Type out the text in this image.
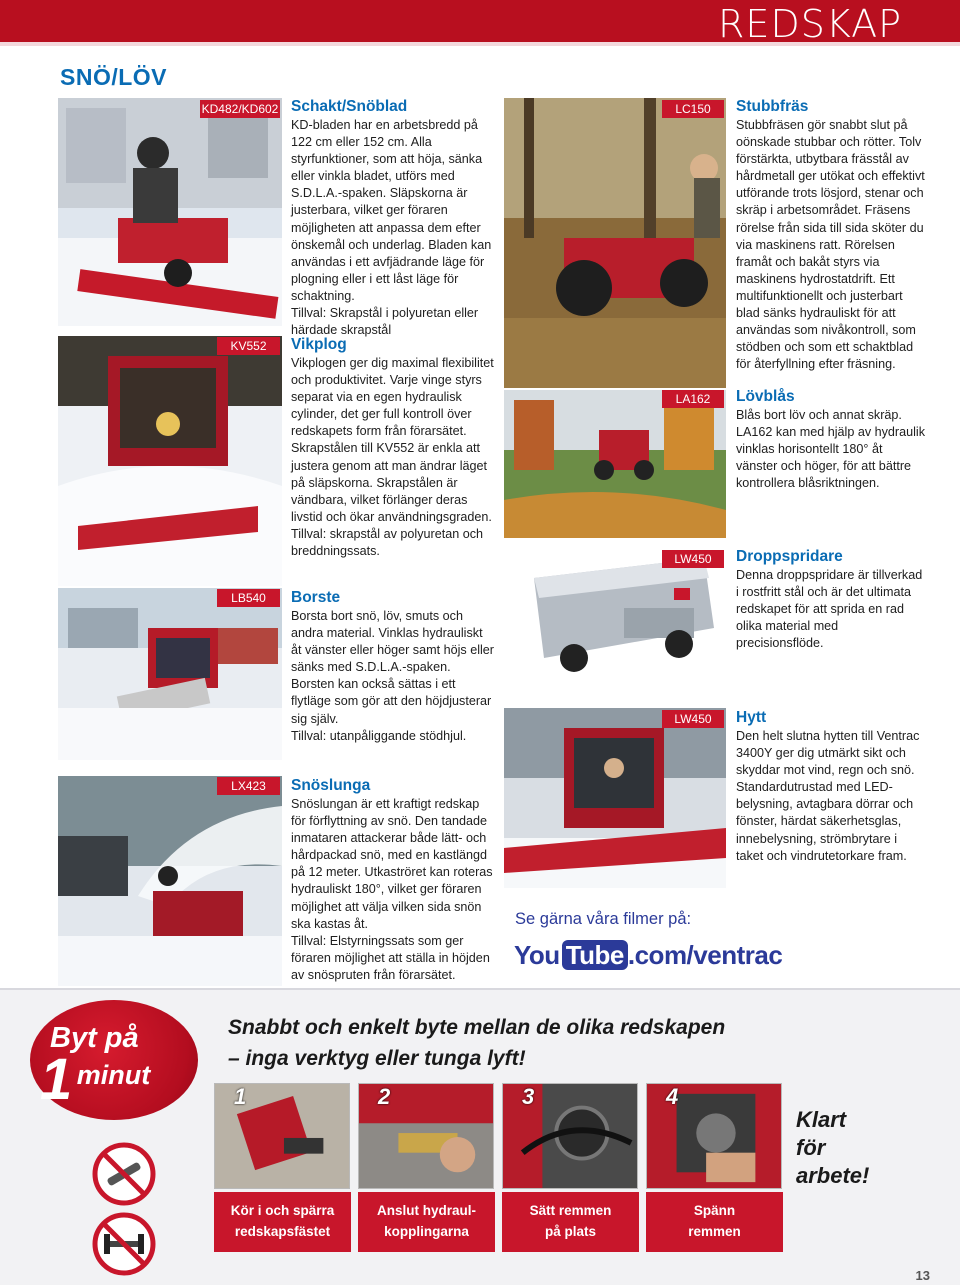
REDSKAP
SNÖ/LÖV
KD482/KD602
KV552
LB540
LX423
Schakt/Snöblad

KD-bladen har en arbetsbredd på 122 cm eller 152 cm. Alla styrfunktioner, som att höja, sänka eller vinkla bladet, utförs med S.D.L.A.-spaken. Släpskorna är justerbara, vilket ger föraren möjligheten att anpassa dem efter önskemål och underlag. Bladen kan användas i ett avfjädrande läge för plogning eller i ett låst läge för schaktning.

Tillval: Skrapstål i polyuretan eller härdade skrapstål

Vikplog

Vikplogen ger dig maximal flexibilitet och produktivitet. Varje vinge styrs separat via en egen hydraulisk cylinder, det ger full kontroll över redskapets form från förarsätet. Skrapstålen till KV552 är enkla att justera genom att man ändrar läget på släpskorna. Skrapstålen är vändbara, vilket förlänger deras livstid och ökar användningsgraden.

Tillval: skrapstål av polyuretan och breddningssats.

Borste

Borsta bort snö, löv, smuts och andra material. Vinklas hydrauliskt åt vänster eller höger samt höjs eller sänks med S.D.L.A.-spaken. Borsten kan också sättas i ett flytläge som gör att den höjdjusterar sig själv.

Tillval: utanpåliggande stödhjul.

Snöslunga

Snöslungan är ett kraftigt redskap för förflyttning av snö. Den tandade inmataren attackerar både lätt- och hårdpackad snö, med en kastlängd på 12 meter. Utkaströret kan roteras hydrauliskt 180°, vilket ger föraren möjlighet att välja vilken sida snön ska kastas åt.

Tillval: Elstyrningssats som ger föraren möjlighet att ställa in höjden av snöspruten från förarsätet.

LC150
LA162
LW450
LW450
Stubbfräs

Stubbfräsen gör snabbt slut på oönskade stubbar och rötter. Tolv förstärkta, utbytbara frässtål av hårdmetall ger utökat och effektivt utförande trots lösjord, stenar och skräp i arbetsområdet. Fräsens rörelse från sida till sida sköter du via maskinens ratt. Rörelsen framåt och bakåt styrs via maskinens hydrostatdrift. Ett multifunktionellt och justerbart blad sänks hydrauliskt för att användas som nivåkontroll, som stödben och som ett schaktblad för återfyllning efter fräsning.

Lövblås

Blås bort löv och annat skräp. LA162 kan med hjälp av hydraulik vinklas horisontellt 180° åt vänster och höger, för att bättre kontrollera blåsriktningen.

Droppspridare

Denna droppspridare är tillverkad i rostfritt stål och är det ultimata redskapet för att sprida en rad olika material med precisionsflöde.

Hytt

Den helt slutna hytten till Ventrac 3400Y ger dig utmärkt sikt och skyddar mot vind, regn och snö. Standardutrustad med LED-belysning, avtagbara dörrar och fönster, härdat säkerhetsglas, innebelysning, strömbrytare i taket och vindrutetorkare fram.

Se gärna våra filmer på:
You Tube .com/ventrac
Byt på
1 minut
Snabbt och enkelt byte mellan de olika redskapen
– inga verktyg eller tunga lyft!
1	2	3	4
Kör i och spärra
redskapsfästet
Anslut hydraul-
kopplingarna
Sätt remmen
på plats
Spänn
remmen
Klart
för
arbete!
13
